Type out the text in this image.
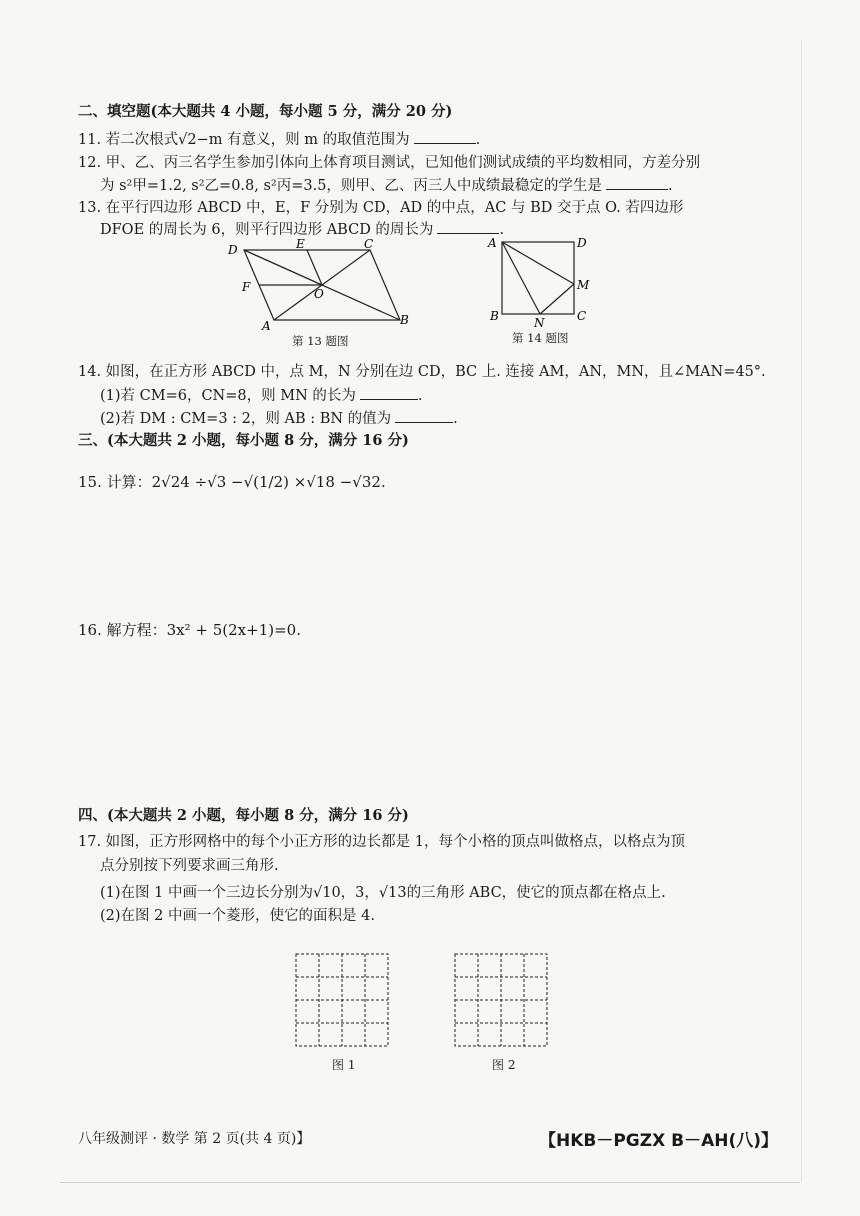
二、填空题(本大题共 4 小题，每小题 5 分，满分 20 分)
11. 若二次根式√2−m 有意义，则 m 的取值范围为	.
12. 甲、乙、丙三名学生参加引体向上体育项目测试，已知他们测试成绩的平均数相同，方差分别
为 s²甲=1.2, s²乙=0.8, s²丙=3.5，则甲、乙、丙三人中成绩最稳定的学生是	.
13. 在平行四边形 ABCD 中，E，F 分别为 CD，AD 的中点，AC 与 BD 交于点 O. 若四边形
DFOE 的周长为 6，则平行四边形 ABCD 的周长为	.
D	E	C
F	O
A	B
第 13 题图
A	D
M
B	N	C
第 14 题图
14. 如图，在正方形 ABCD 中，点 M，N 分别在边 CD，BC 上. 连接 AM，AN，MN，且∠MAN=45°.
(1)若 CM=6，CN=8，则 MN 的长为	.
(2)若 DM : CM=3 : 2，则 AB : BN 的值为	.
三、(本大题共 2 小题，每小题 8 分，满分 16 分)
15. 计算：2√24 ÷√3 −√(1/2) ×√18 −√32.
16. 解方程：3x² + 5(2x+1)=0.
四、(本大题共 2 小题，每小题 8 分，满分 16 分)
17. 如图，正方形网格中的每个小正方形的边长都是 1，每个小格的顶点叫做格点，以格点为顶
点分别按下列要求画三角形.
(1)在图 1 中画一个三边长分别为√10，3，√13的三角形 ABC，使它的顶点都在格点上.
(2)在图 2 中画一个菱形，使它的面积是 4.
图 1	图 2
八年级测评 · 数学 第 2 页(共 4 页)】	【HKB－PGZX B－AH(八)】
